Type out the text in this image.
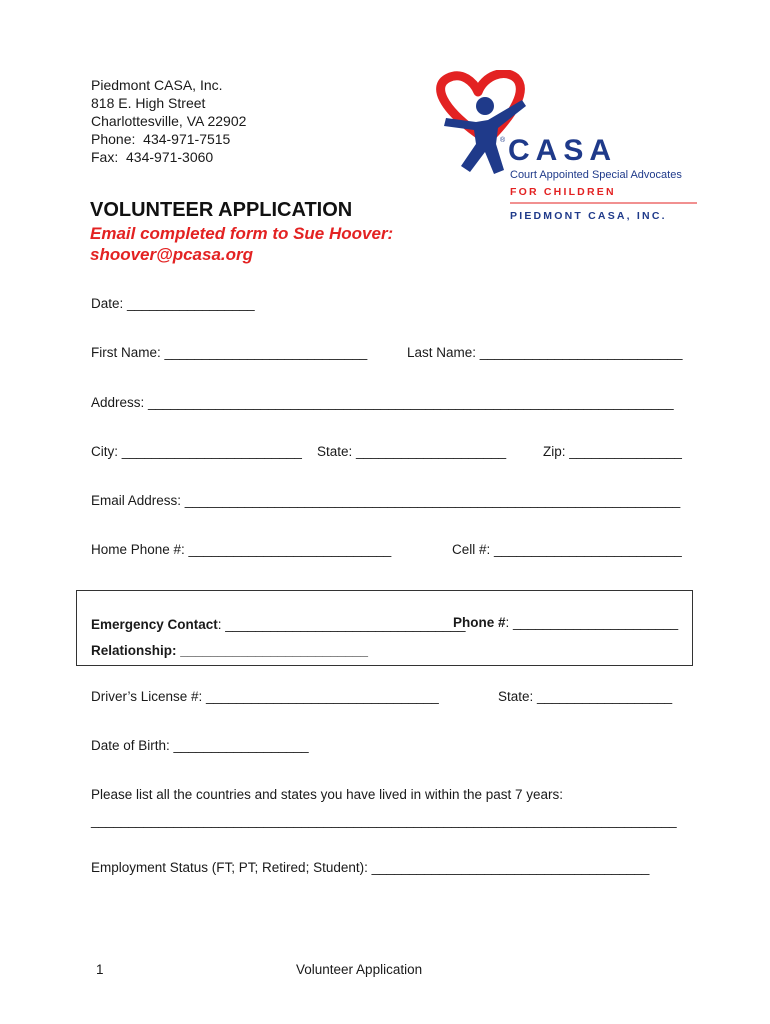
Piedmont CASA, Inc.
818 E. High Street
Charlottesville, VA 22902
Phone:  434-971-7515
Fax:  434-971-3060	CASA
®
Court Appointed Special Advocates
FOR CHILDREN
PIEDMONT CASA, INC.
VOLUNTEER APPLICATION
Email completed form to Sue Hoover:
shoover@pcasa.org
Date: _________________
First Name: ___________________________	Last Name: ___________________________
Address: ______________________________________________________________________
City: ________________________ State: ____________________	Zip: _______________
Email Address: __________________________________________________________________
Home Phone #: ___________________________	Cell #: _________________________
Emergency Contact: ________________________________
Phone #: ______________________
Relationship: _________________________
Driver’s License #: _______________________________	State: __________________
Date of Birth: __________________
Please list all the countries and states you have lived in within the past 7 years:
______________________________________________________________________________
Employment Status (FT; PT; Retired; Student): _____________________________________
1	Volunteer Application
